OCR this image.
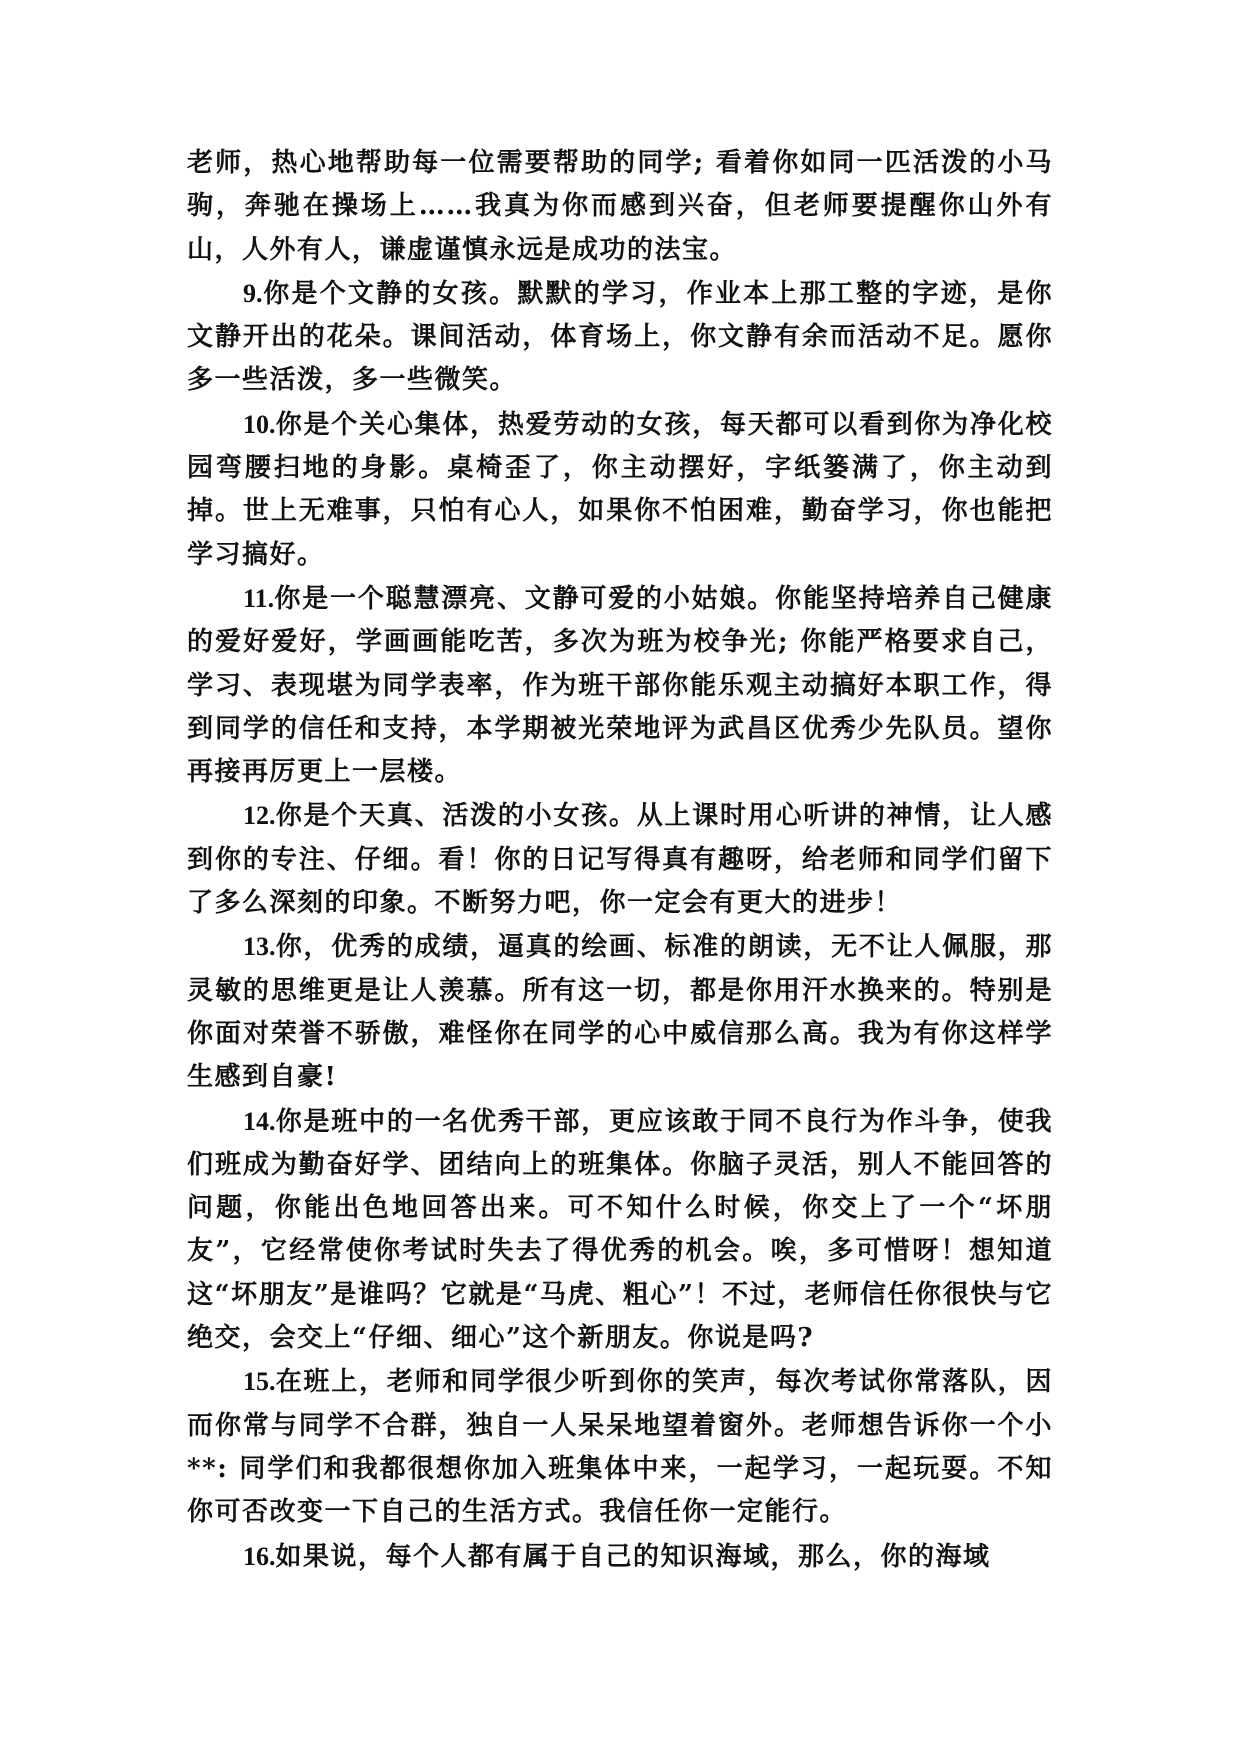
老师，热心地帮助每一位需要帮助的同学; 看着你如同一匹活泼的小马驹，奔驰在操场上……我真为你而感到兴奋，但老师要提醒你山外有山，人外有人，谦虚谨慎永远是成功的法宝。

9.你是个文静的女孩。默默的学习，作业本上那工整的字迹，是你文静开出的花朵。课间活动，体育场上，你文静有余而活动不足。愿你多一些活泼，多一些微笑。

10.你是个关心集体，热爱劳动的女孩，每天都可以看到你为净化校园弯腰扫地的身影。桌椅歪了，你主动摆好，字纸篓满了，你主动到掉。世上无难事，只怕有心人，如果你不怕困难，勤奋学习，你也能把学习搞好。

11.你是一个聪慧漂亮、文静可爱的小姑娘。你能坚持培养自己健康的爱好爱好，学画画能吃苦，多次为班为校争光; 你能严格要求自己，学习、表现堪为同学表率，作为班干部你能乐观主动搞好本职工作，得到同学的信任和支持，本学期被光荣地评为武昌区优秀少先队员。望你再接再厉更上一层楼。

12.你是个天真、活泼的小女孩。从上课时用心听讲的神情，让人感到你的专注、仔细。看！你的日记写得真有趣呀，给老师和同学们留下了多么深刻的印象。不断努力吧，你一定会有更大的进步！

13.你，优秀的成绩，逼真的绘画、标准的朗读，无不让人佩服，那灵敏的思维更是让人羡慕。所有这一切，都是你用汗水换来的。特别是你面对荣誉不骄傲，难怪你在同学的心中威信那么高。我为有你这样学生感到自豪!

14.你是班中的一名优秀干部，更应该敢于同不良行为作斗争，使我们班成为勤奋好学、团结向上的班集体。你脑子灵活，别人不能回答的问题，你能出色地回答出来。可不知什么时候，你交上了一个“坏朋友”，它经常使你考试时失去了得优秀的机会。唉，多可惜呀！想知道这“坏朋友”是谁吗？它就是“马虎、粗心”！不过，老师信任你很快与它绝交，会交上“仔细、细心”这个新朋友。你说是吗?

15.在班上，老师和同学很少听到你的笑声，每次考试你常落队，因而你常与同学不合群，独自一人呆呆地望着窗外。老师想告诉你一个小**: 同学们和我都很想你加入班集体中来，一起学习，一起玩耍。不知你可否改变一下自己的生活方式。我信任你一定能行。

16.如果说，每个人都有属于自己的知识海域，那么，你的海域
